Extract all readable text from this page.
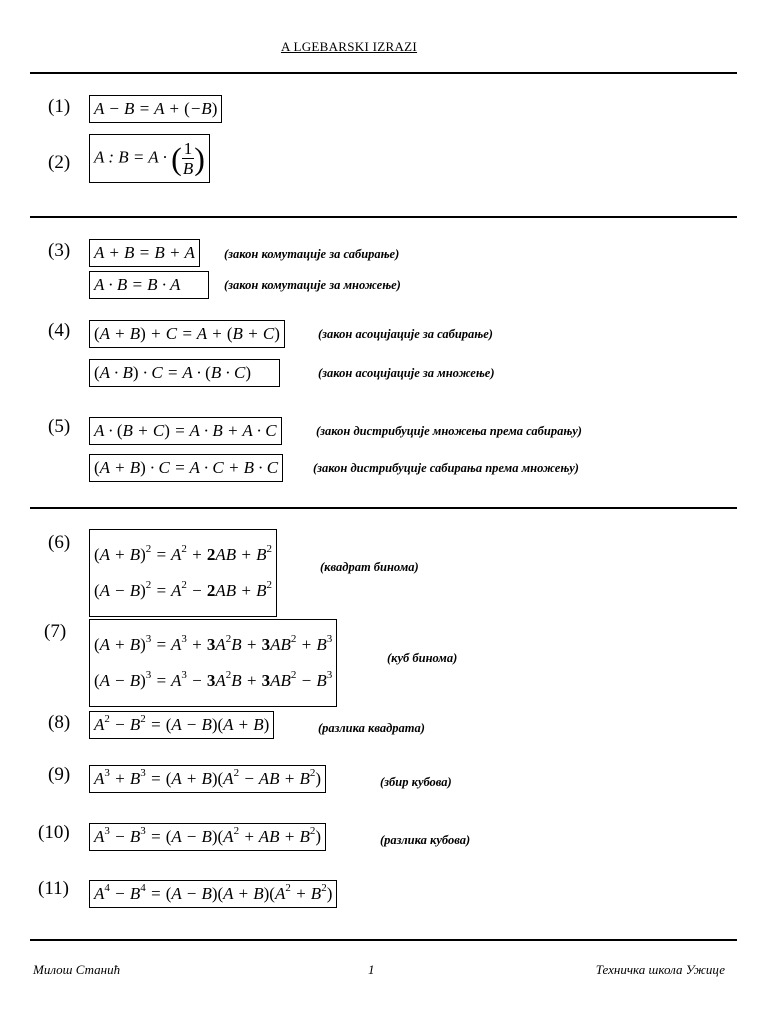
A LGEBARSKI IZRAZI
(1) A − B = A + (−B)
(2) A : B = A · ( $\frac{1}{B}$ )
(3) A + B = B + A	(закон комутације за сабирање)
A · B = B · A	(закон комутације за множење)
(4) (A + B) + C = A + (B + C)	(закон асоцијације за сабирање)
(A · B) · C = A · (B · C)	(закон асоцијације за множење)
(5) A · (B + C) = A · B + A · C	(закон дистрибуције множења према сабирању)
(A + B) · C = A · C + B · C	(закон дистрибуције сабирања према множењу)
(6)
$(A + B)^2 = A^2 + 2AB + B^2$
$(A - B)^2 = A^2 - 2AB + B^2$
(квадрат бинома)
(7)
$(A + B)^3 = A^3 + 3A^2B + 3AB^2 + B^3$
$(A - B)^3 = A^3 - 3A^2B + 3AB^2 - B^3$
(куб бинома)
(8) $A^2 - B^2 = (A - B)(A + B)$	(разлика квадрата)
(9) $A^3 + B^3 = (A + B)(A^2$ − AB + $B^2$)	(збир кубова)
(10) $A^3 - B^3 = (A - B)(A^2$ + AB + $B^2$)	(разлика кубова)
(11) $A^4 - B^4 = (A - B)(A + B)(A^2 + B^2)$
Милош Станић	1	Техничка школа Ужице
